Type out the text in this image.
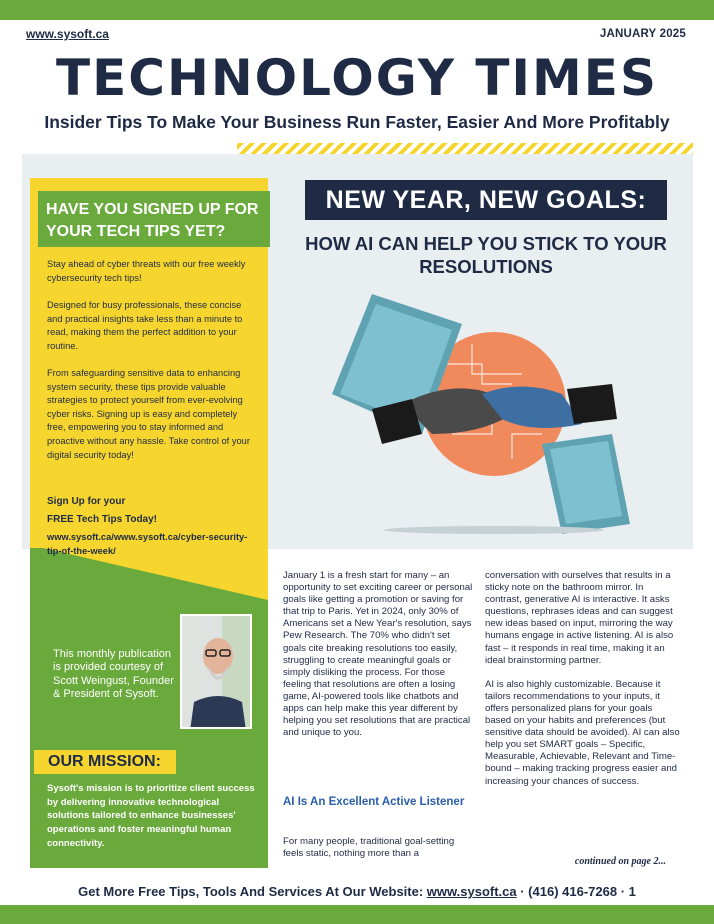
www.sysoft.ca	JANUARY 2025
TECHNOLOGY TIMES
Insider Tips To Make Your Business Run Faster, Easier And More Profitably
HAVE YOU SIGNED UP FOR YOUR TECH TIPS YET?
Stay ahead of cyber threats with our free weekly cybersecurity tech tips!
Designed for busy professionals, these concise and practical insights take less than a minute to read, making them the perfect addition to your routine.
From safeguarding sensitive data to enhancing system security, these tips provide valuable strategies to protect yourself from ever-evolving cyber risks. Signing up is easy and completely free, empowering you to stay informed and proactive without any hassle. Take control of your digital security today!
Sign Up for your
FREE Tech Tips Today!
www.sysoft.ca/www.sysoft.ca/cyber-security-tip-of-the-week/
This monthly publication is provided courtesy of Scott Weingust, Founder & President of Sysoft.
OUR MISSION:
Sysoft's mission is to prioritize client success by delivering innovative technological solutions tailored to enhance businesses' operations and foster meaningful human connectivity.
NEW YEAR, NEW GOALS:
HOW AI CAN HELP YOU STICK TO YOUR RESOLUTIONS

January 1 is a fresh start for many – an opportunity to set exciting career or personal goals like getting a promotion or saving for that trip to Paris. Yet in 2024, only 30% of Americans set a New Year's resolution, says Pew Research. The 70% who didn't set goals cite breaking resolutions too easily, struggling to create meaningful goals or simply disliking the process. For those feeling that resolutions are often a losing game, AI-powered tools like chatbots and apps can help make this year different by helping you set resolutions that are practical and unique to you.

AI Is An Excellent Active Listener
For many people, traditional goal-setting feels static, nothing more than a

conversation with ourselves that results in a sticky note on the bathroom mirror. In contrast, generative AI is interactive. It asks questions, rephrases ideas and can suggest new ideas based on input, mirroring the way humans engage in active listening. AI is also fast – it responds in real time, making it an ideal brainstorming partner.

AI is also highly customizable. Because it tailors recommendations to your inputs, it offers personalized plans for your goals based on your habits and preferences (but sensitive data should be avoided). AI can also help you set SMART goals – Specific, Measurable, Achievable, Relevant and Time-bound – making tracking progress easier and increasing your chances of success.

continued on page 2...
Get More Free Tips, Tools And Services At Our Website: www.sysoft.ca · (416) 416-7268 · 1
